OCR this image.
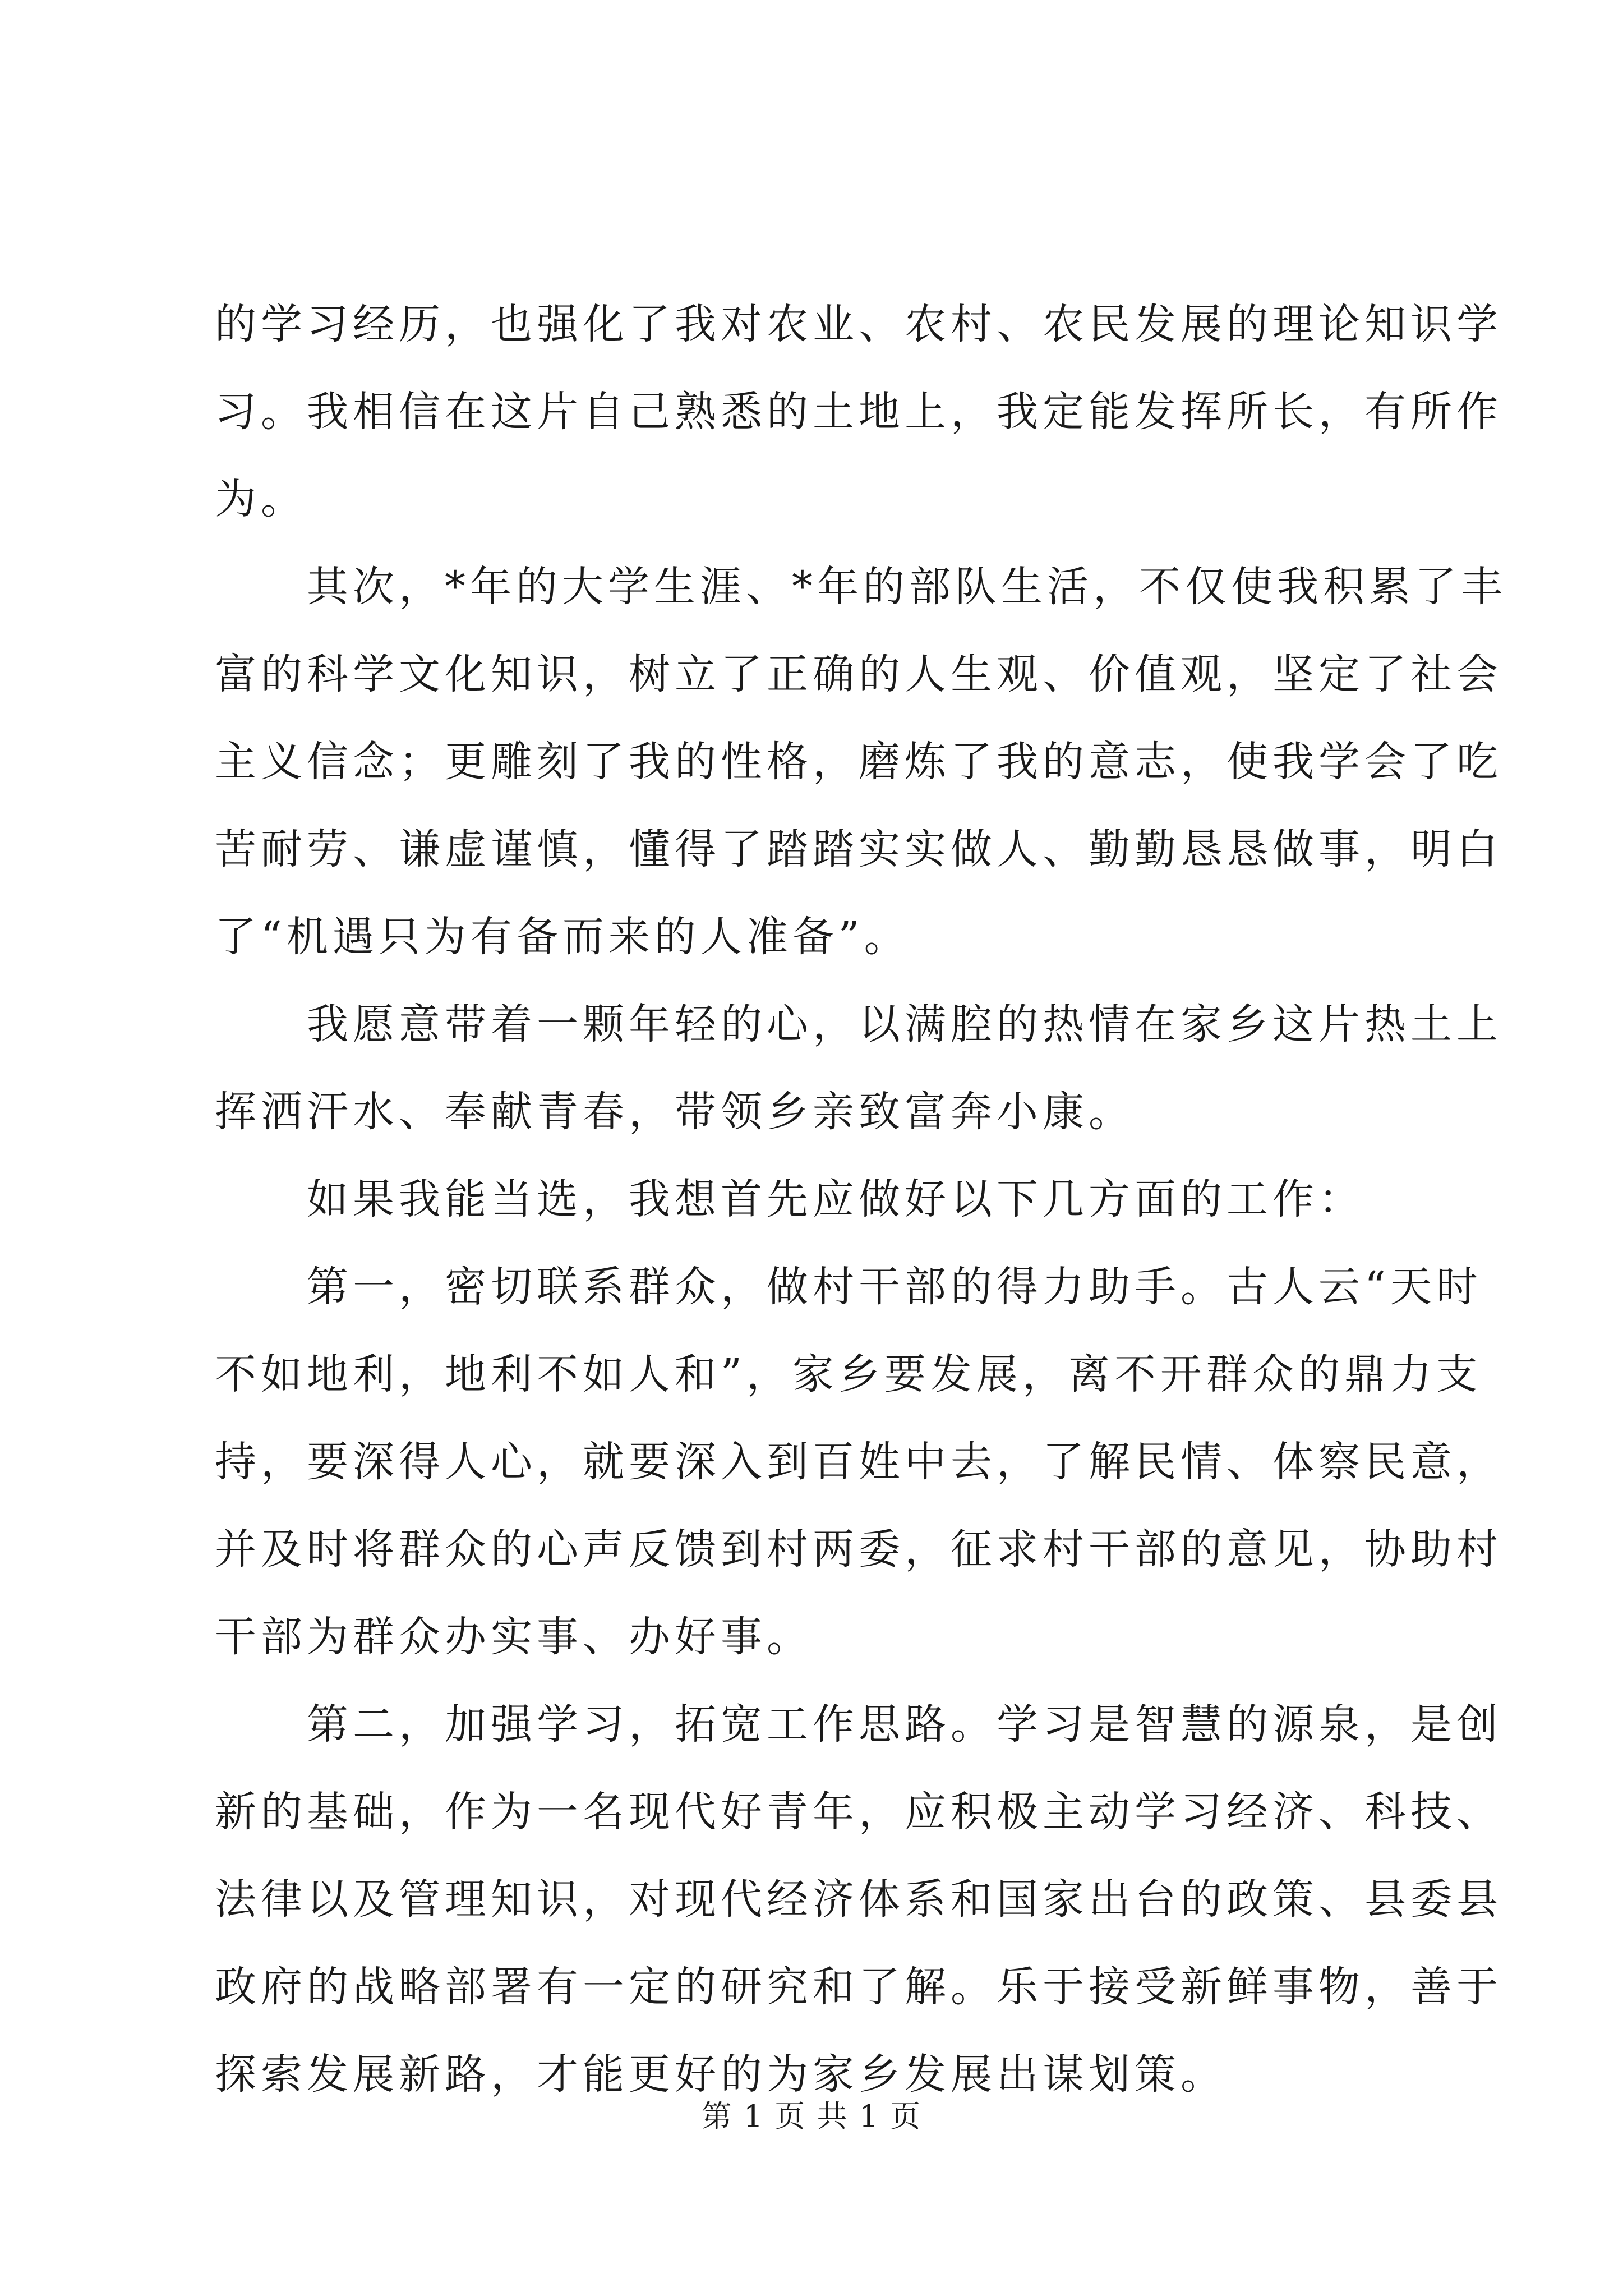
的学习经历，也强化了我对农业、农村、农民发展的理论知识学
习。我相信在这片自己熟悉的土地上，我定能发挥所长，有所作
为。
　　其次，*年的大学生涯、*年的部队生活，不仅使我积累了丰
富的科学文化知识，树立了正确的人生观、价值观，坚定了社会
主义信念；更雕刻了我的性格，磨炼了我的意志，使我学会了吃
苦耐劳、谦虚谨慎，懂得了踏踏实实做人、勤勤恳恳做事，明白
了“机遇只为有备而来的人准备”。
　　我愿意带着一颗年轻的心，以满腔的热情在家乡这片热土上
挥洒汗水、奉献青春，带领乡亲致富奔小康。
　　如果我能当选，我想首先应做好以下几方面的工作：
　　第一，密切联系群众，做村干部的得力助手。古人云“天时
不如地利，地利不如人和”，家乡要发展，离不开群众的鼎力支
持，要深得人心，就要深入到百姓中去，了解民情、体察民意，
并及时将群众的心声反馈到村两委，征求村干部的意见，协助村
干部为群众办实事、办好事。
　　第二，加强学习，拓宽工作思路。学习是智慧的源泉，是创
新的基础，作为一名现代好青年，应积极主动学习经济、科技、
法律以及管理知识，对现代经济体系和国家出台的政策、县委县
政府的战略部署有一定的研究和了解。乐于接受新鲜事物，善于
探索发展新路，才能更好的为家乡发展出谋划策。
第 1 页 共 1 页
